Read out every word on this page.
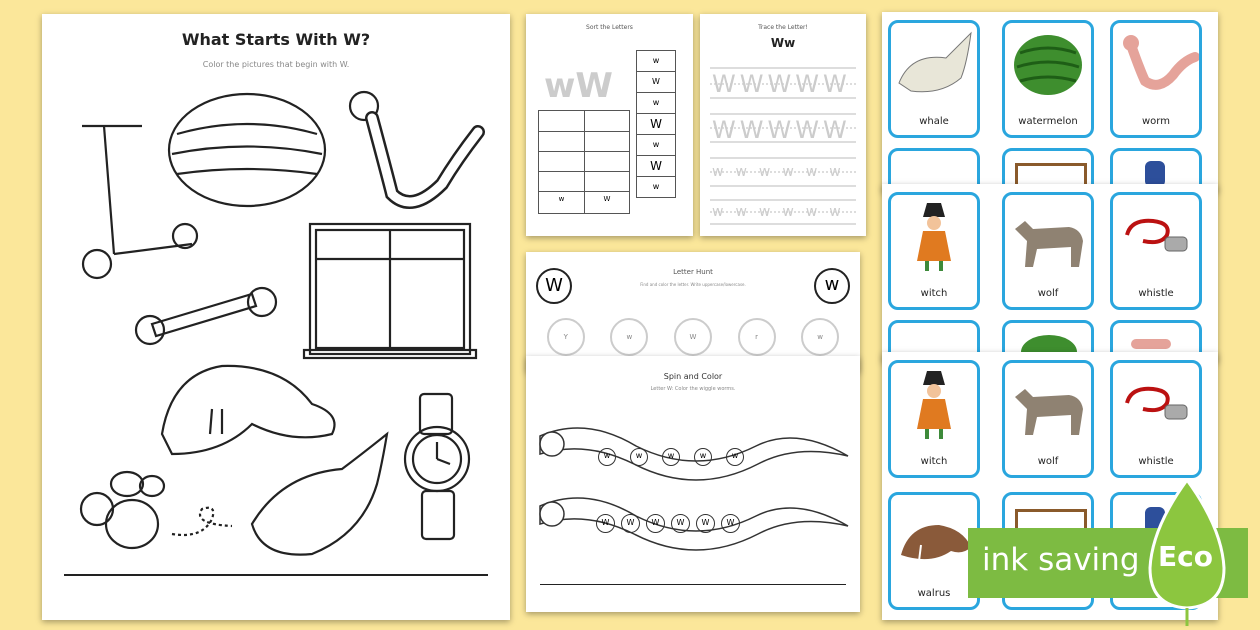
What Starts With W?
Color the pictures that begin with W.
Sort the Letters
wW
w
W
w
W
w
W
w
w	W
Trace the Letter!
Ww
WWWWW
WWWWW
wwwwww
wwwwww
Letter Hunt
Find and color the letter. Write uppercase/lowercase.
W	w
Y	w	W	r	w
Spin and Color
Letter W: Color the wiggle worms.
w	w	w	w	w
W	W	W	W	W	W
whale	watermelon	worm
witch	wolf	whistle
witch	wolf	whistle
walrus
ink saving Eco
